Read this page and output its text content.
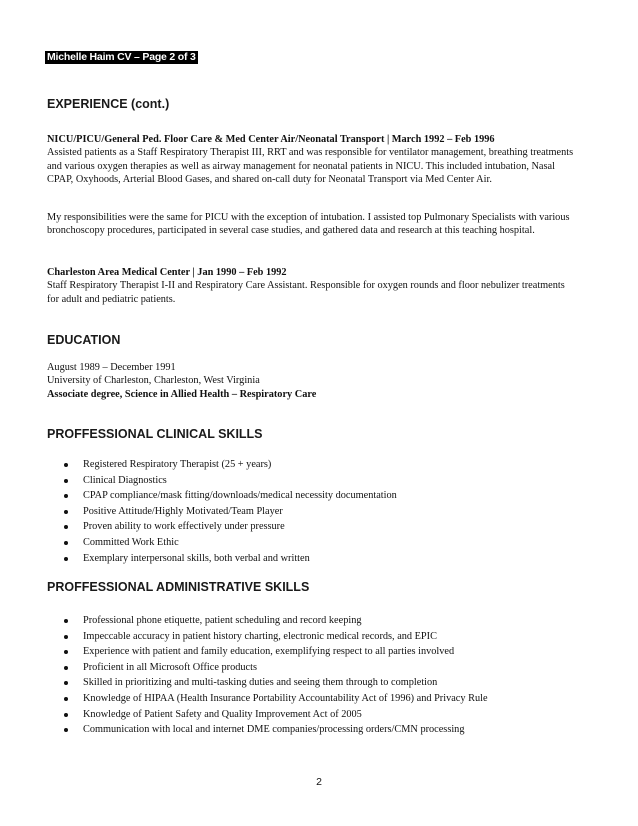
Michelle Haim CV – Page 2 of 3
EXPERIENCE (cont.)
NICU/PICU/General Ped. Floor Care & Med Center Air/Neonatal Transport | March 1992 – Feb 1996
Assisted patients as a Staff Respiratory Therapist III, RRT and was responsible for ventilator management, breathing treatments and various oxygen therapies as well as airway management for neonatal patients in NICU. This included intubation, Nasal CPAP, Oxyhoods, Arterial Blood Gases, and shared on-call duty for Neonatal Transport via Med Center Air.
My responsibilities were the same for PICU with the exception of intubation. I assisted top Pulmonary Specialists with various bronchoscopy procedures, participated in several case studies, and gathered data and research at this teaching hospital.
Charleston Area Medical Center | Jan 1990 – Feb 1992
Staff Respiratory Therapist I-II and Respiratory Care Assistant. Responsible for oxygen rounds and floor nebulizer treatments for adult and pediatric patients.
EDUCATION
August 1989 – December 1991
University of Charleston, Charleston, West Virginia
Associate degree, Science in Allied Health – Respiratory Care
PROFFESSIONAL CLINICAL SKILLS
Registered Respiratory Therapist (25 + years)
Clinical Diagnostics
CPAP compliance/mask fitting/downloads/medical necessity documentation
Positive Attitude/Highly Motivated/Team Player
Proven ability to work effectively under pressure
Committed Work Ethic
Exemplary interpersonal skills, both verbal and written
PROFFESSIONAL ADMINISTRATIVE SKILLS
Professional phone etiquette, patient scheduling and record keeping
Impeccable accuracy in patient history charting, electronic medical records, and EPIC
Experience with patient and family education, exemplifying respect to all parties involved
Proficient in all Microsoft Office products
Skilled in prioritizing and multi-tasking duties and seeing them through to completion
Knowledge of HIPAA (Health Insurance Portability Accountability Act of 1996) and Privacy Rule
Knowledge of Patient Safety and Quality Improvement Act of 2005
Communication with local and internet DME companies/processing orders/CMN processing
2
